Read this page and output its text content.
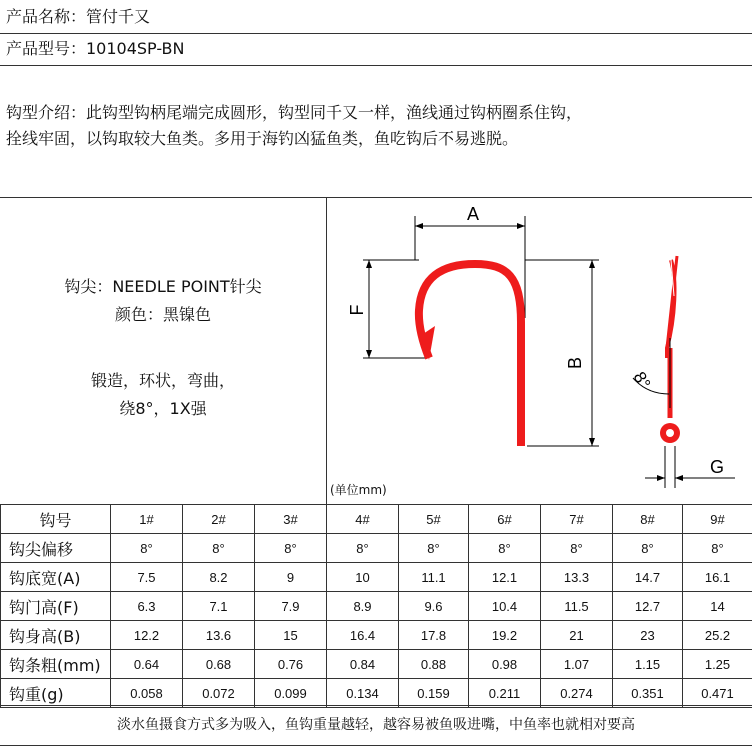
产品名称：管付千又
产品型号：10104SP-BN
钩型介绍：此钩型钩柄尾端完成圆形，钩型同千又一样，渔线通过钩柄圈系住钩，
拴线牢固，以钩取较大鱼类。多用于海钓凶猛鱼类，鱼吃钩后不易逃脱。
钩尖：NEEDLE POINT针尖
颜色：黑镍色
锻造，环状，弯曲，
绕8°，1X强
A
F
B
8°
G
(单位mm)
钩号	1#	2#	3#	4#	5#	6#	7#	8#	9#
钩尖偏移	8°	8°	8°	8°	8°	8°	8°	8°	8°
钩底宽(A)	7.5	8.2	9	10	11.1	12.1	13.3	14.7	16.1
钩门高(F)	6.3	7.1	7.9	8.9	9.6	10.4	11.5	12.7	14
钩身高(B)	12.2	13.6	15	16.4	17.8	19.2	21	23	25.2
钩条粗(mm)	0.64	0.68	0.76	0.84	0.88	0.98	1.07	1.15	1.25
钩重(g)	0.058	0.072	0.099	0.134	0.159	0.211	0.274	0.351	0.471
淡水鱼摄食方式多为吸入，鱼钩重量越轻，越容易被鱼吸进嘴，中鱼率也就相对要高
